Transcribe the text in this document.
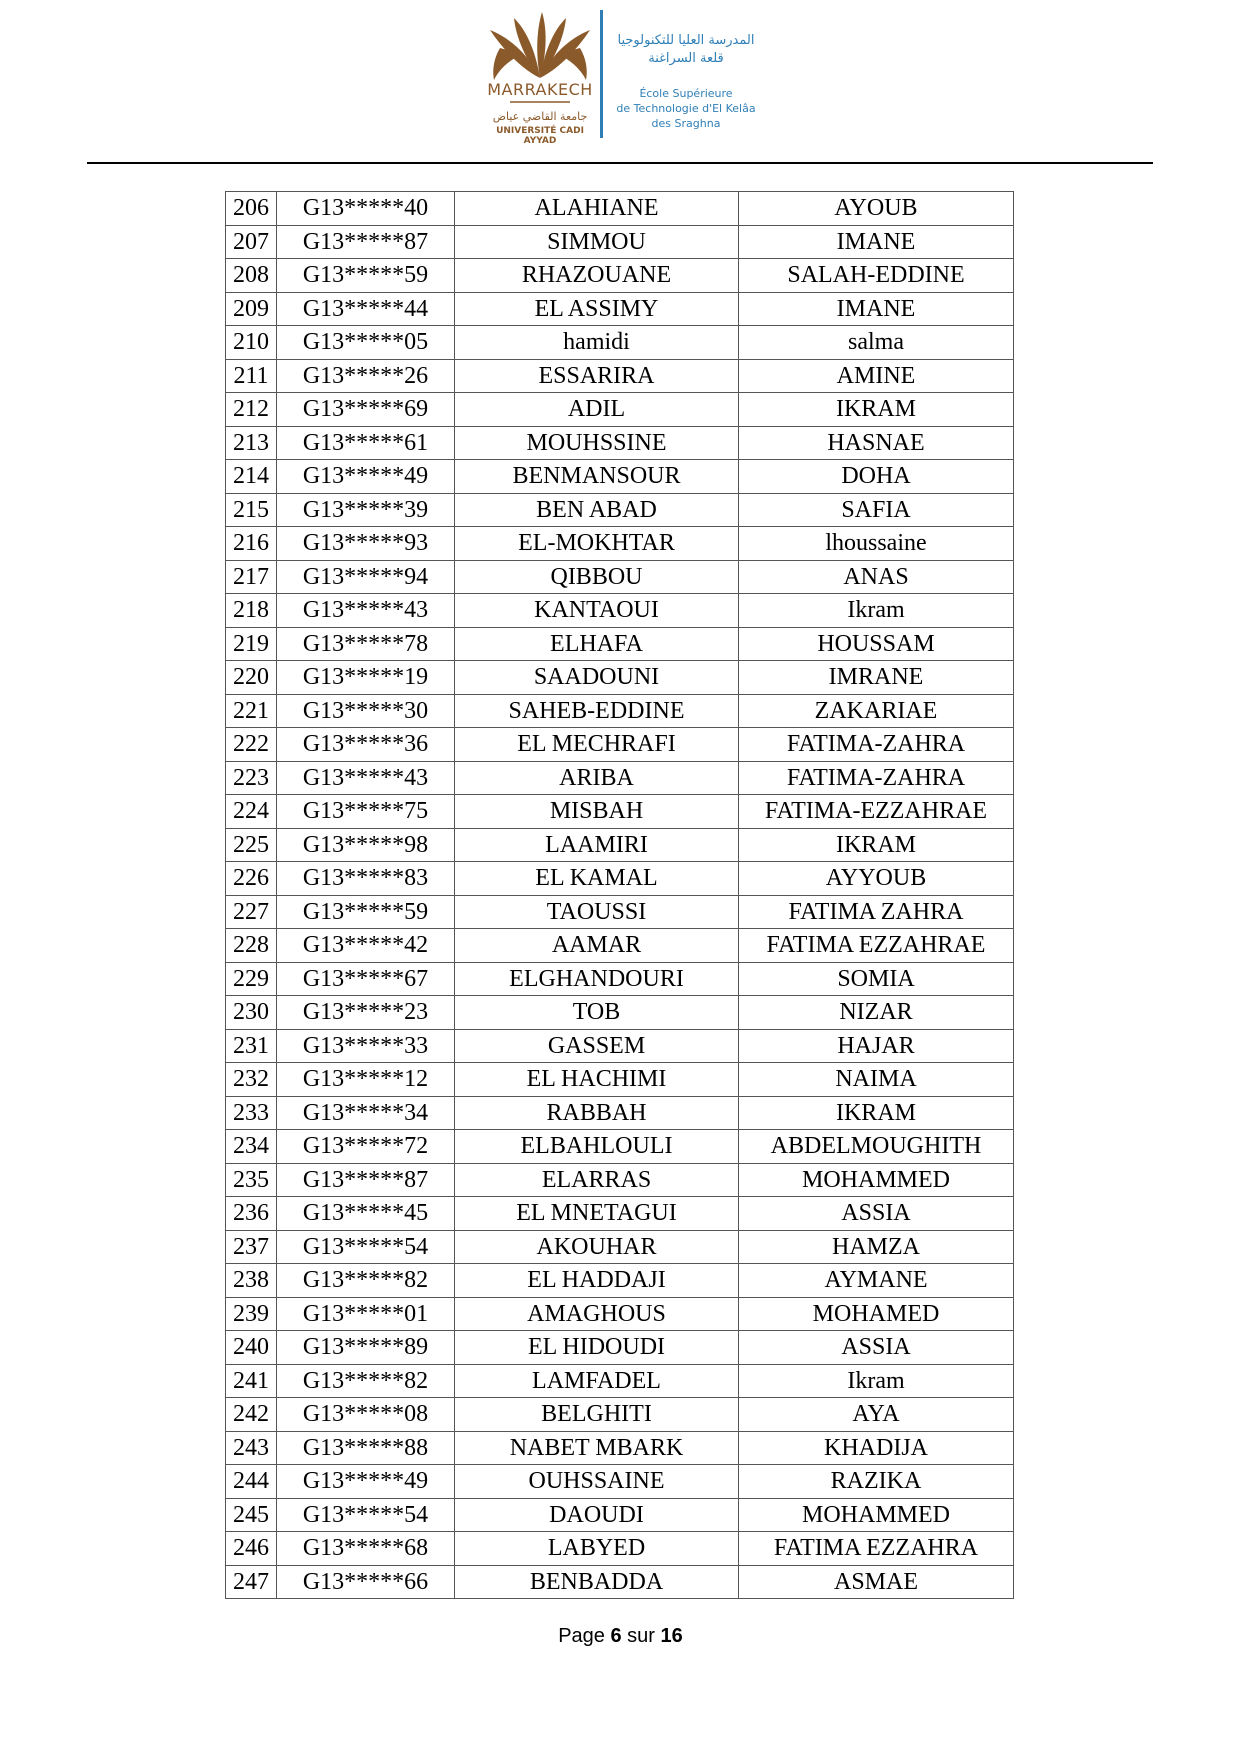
MARRAKECH
جامعة القاضي عياض
UNIVERSITÉ CADI AYYAD
المدرسة العليا للتكنولوجيا
قلعة السراغنة
École Supérieure
de Technologie d'El Kelâa
des Sraghna
206	G13*****40	ALAHIANE	AYOUB
207	G13*****87	SIMMOU	IMANE
208	G13*****59	RHAZOUANE	SALAH-EDDINE
209	G13*****44	EL ASSIMY	IMANE
210	G13*****05	hamidi	salma
211	G13*****26	ESSARIRA	AMINE
212	G13*****69	ADIL	IKRAM
213	G13*****61	MOUHSSINE	HASNAE
214	G13*****49	BENMANSOUR	DOHA
215	G13*****39	BEN ABAD	SAFIA
216	G13*****93	EL-MOKHTAR	lhoussaine
217	G13*****94	QIBBOU	ANAS
218	G13*****43	KANTAOUI	Ikram
219	G13*****78	ELHAFA	HOUSSAM
220	G13*****19	SAADOUNI	IMRANE
221	G13*****30	SAHEB-EDDINE	ZAKARIAE
222	G13*****36	EL MECHRAFI	FATIMA-ZAHRA
223	G13*****43	ARIBA	FATIMA-ZAHRA
224	G13*****75	MISBAH	FATIMA-EZZAHRAE
225	G13*****98	LAAMIRI	IKRAM
226	G13*****83	EL KAMAL	AYYOUB
227	G13*****59	TAOUSSI	FATIMA ZAHRA
228	G13*****42	AAMAR	FATIMA EZZAHRAE
229	G13*****67	ELGHANDOURI	SOMIA
230	G13*****23	TOB	NIZAR
231	G13*****33	GASSEM	HAJAR
232	G13*****12	EL HACHIMI	NAIMA
233	G13*****34	RABBAH	IKRAM
234	G13*****72	ELBAHLOULI	ABDELMOUGHITH
235	G13*****87	ELARRAS	MOHAMMED
236	G13*****45	EL MNETAGUI	ASSIA
237	G13*****54	AKOUHAR	HAMZA
238	G13*****82	EL HADDAJI	AYMANE
239	G13*****01	AMAGHOUS	MOHAMED
240	G13*****89	EL HIDOUDI	ASSIA
241	G13*****82	LAMFADEL	Ikram
242	G13*****08	BELGHITI	AYA
243	G13*****88	NABET MBARK	KHADIJA
244	G13*****49	OUHSSAINE	RAZIKA
245	G13*****54	DAOUDI	MOHAMMED
246	G13*****68	LABYED	FATIMA EZZAHRA
247	G13*****66	BENBADDA	ASMAE
Page 6 sur 16
